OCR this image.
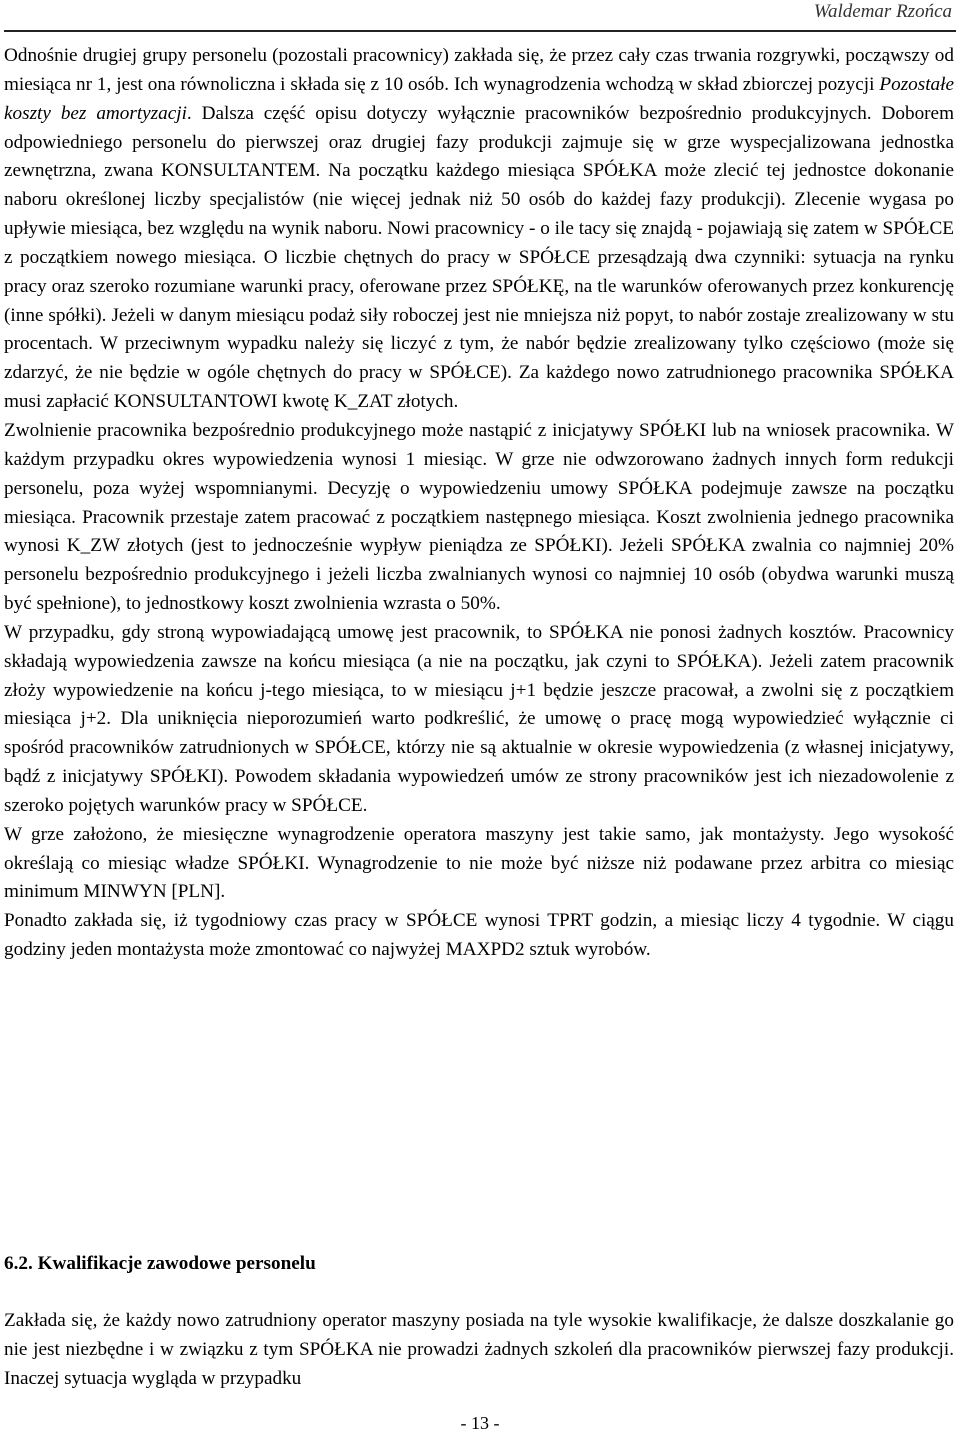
Waldemar Rzońca

Odnośnie drugiej grupy personelu (pozostali pracownicy) zakłada się, że przez cały czas trwania rozgrywki, począwszy od miesiąca nr 1, jest ona równoliczna i składa się z 10 osób. Ich wynagrodzenia wchodzą w skład zbiorczej pozycji Pozostałe koszty bez amortyzacji. Dalsza część opisu dotyczy wyłącznie pracowników bezpośrednio produkcyjnych. Doborem odpowiedniego personelu do pierwszej oraz drugiej fazy produkcji zajmuje się w grze wyspecjalizowana jednostka zewnętrzna, zwana KONSULTANTEM. Na początku każdego miesiąca SPÓŁKA może zlecić tej jednostce dokonanie naboru określonej liczby specjalistów (nie więcej jednak niż 50 osób do każdej fazy produkcji). Zlecenie wygasa po upływie miesiąca, bez względu na wynik naboru. Nowi pracownicy - o ile tacy się znajdą - pojawiają się zatem w SPÓŁCE z początkiem nowego miesiąca. O liczbie chętnych do pracy w SPÓŁCE przesądzają dwa czynniki: sytuacja na rynku pracy oraz szeroko rozumiane warunki pracy, oferowane przez SPÓŁKĘ, na tle warunków oferowanych przez konkurencję (inne spółki). Jeżeli w danym miesiącu podaż siły roboczej jest nie mniejsza niż popyt, to nabór zostaje zrealizowany w stu procentach. W przeciwnym wypadku należy się liczyć z tym, że nabór będzie zrealizowany tylko częściowo (może się zdarzyć, że nie będzie w ogóle chętnych do pracy w SPÓŁCE). Za każdego nowo zatrudnionego pracownika SPÓŁKA musi zapłacić KONSULTANTOWI kwotę K_ZAT złotych.

Zwolnienie pracownika bezpośrednio produkcyjnego może nastąpić z inicjatywy SPÓŁKI lub na wniosek pracownika. W każdym przypadku okres wypowiedzenia wynosi 1 miesiąc. W grze nie odwzorowano żadnych innych form redukcji personelu, poza wyżej wspomnianymi. Decyzję o wypowiedzeniu umowy SPÓŁKA podejmuje zawsze na początku miesiąca. Pracownik przestaje zatem pracować z początkiem następnego miesiąca. Koszt zwolnienia jednego pracownika wynosi K_ZW złotych (jest to jednocześnie wypływ pieniądza ze SPÓŁKI). Jeżeli SPÓŁKA zwalnia co najmniej 20% personelu bezpośrednio produkcyjnego i jeżeli liczba zwalnianych wynosi co najmniej 10 osób (obydwa warunki muszą być spełnione), to jednostkowy koszt zwolnienia wzrasta o 50%.

W przypadku, gdy stroną wypowiadającą umowę jest pracownik, to SPÓŁKA nie ponosi żadnych kosztów. Pracownicy składają wypowiedzenia zawsze na końcu miesiąca (a nie na początku, jak czyni to SPÓŁKA). Jeżeli zatem pracownik złoży wypowiedzenie na końcu j-tego miesiąca, to w miesiącu j+1 będzie jeszcze pracował, a zwolni się z początkiem miesiąca j+2. Dla uniknięcia nieporozumień warto podkreślić, że umowę o pracę mogą wypowiedzieć wyłącznie ci spośród pracowników zatrudnionych w SPÓŁCE, którzy nie są aktualnie w okresie wypowiedzenia (z własnej inicjatywy, bądź z inicjatywy SPÓŁKI). Powodem składania wypowiedzeń umów ze strony pracowników jest ich niezadowolenie z szeroko pojętych warunków pracy w SPÓŁCE.

W grze założono, że miesięczne wynagrodzenie operatora maszyny jest takie samo, jak montażysty. Jego wysokość określają co miesiąc władze SPÓŁKI. Wynagrodzenie to nie może być niższe niż podawane przez arbitra co miesiąc minimum MINWYN [PLN].

Ponadto zakłada się, iż tygodniowy czas pracy w SPÓŁCE wynosi TPRT godzin, a miesiąc liczy 4 tygodnie. W ciągu godziny jeden montażysta może zmontować co najwyżej MAXPD2 sztuk wyrobów.

6.2. Kwalifikacje zawodowe personelu

Zakłada się, że każdy nowo zatrudniony operator maszyny posiada na tyle wysokie kwalifikacje, że dalsze doszkalanie go nie jest niezbędne i w związku z tym SPÓŁKA nie prowadzi żadnych szkoleń dla pracowników pierwszej fazy produkcji. Inaczej sytuacja wygląda w przypadku

- 13 -
